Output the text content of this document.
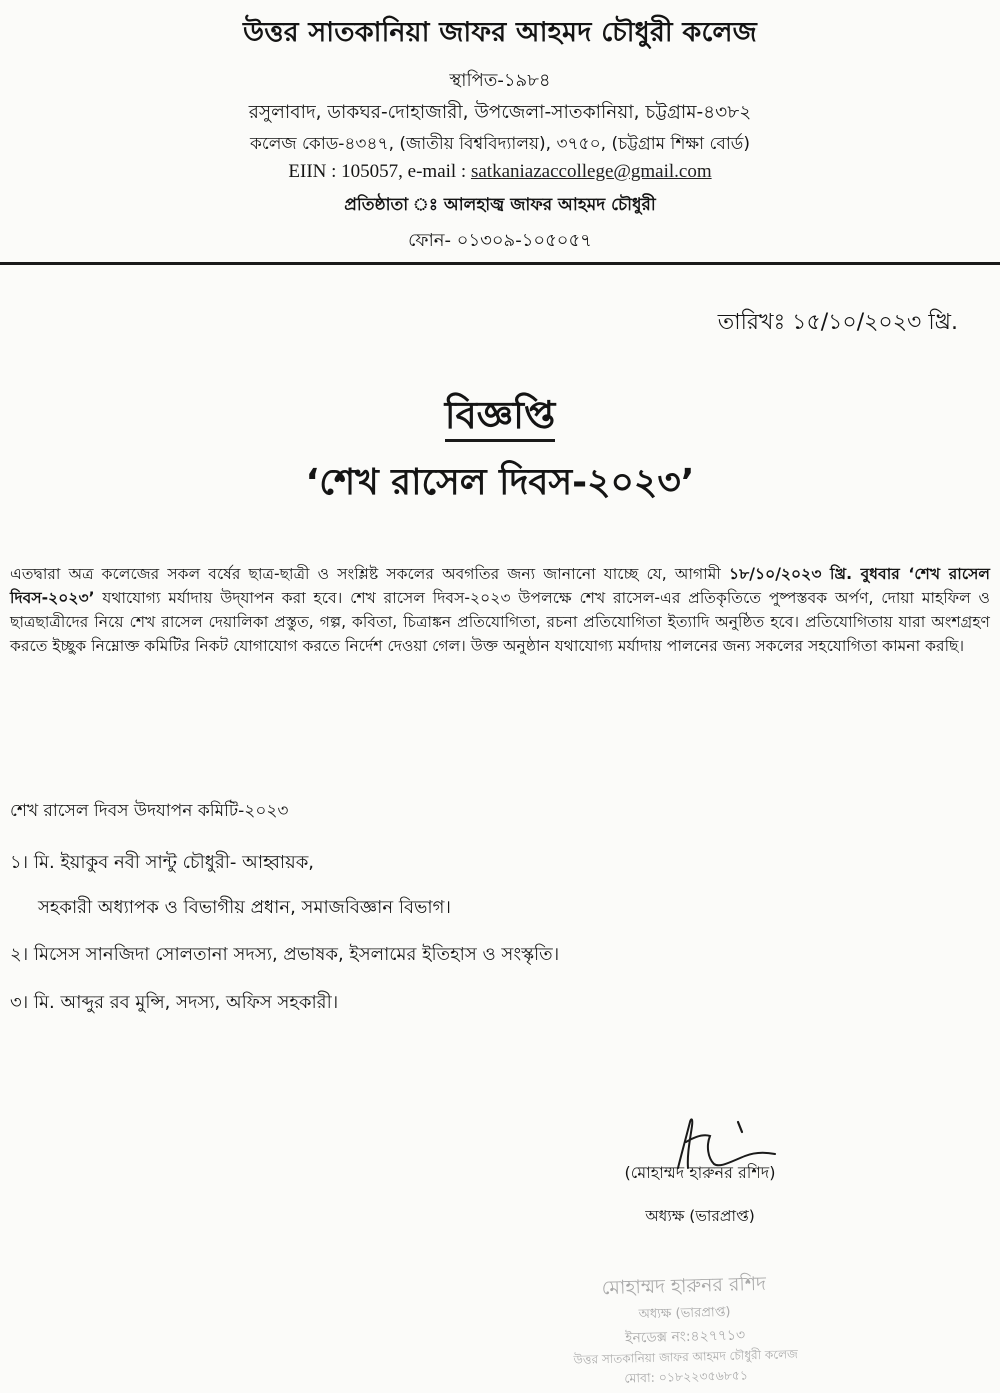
উত্তর সাতকানিয়া জাফর আহমদ চৌধুরী কলেজ
স্থাপিত-১৯৮৪
রসুলাবাদ, ডাকঘর-দোহাজারী, উপজেলা-সাতকানিয়া, চট্টগ্রাম-৪৩৮২
কলেজ কোড-৪৩৪৭, (জাতীয় বিশ্ববিদ্যালয়), ৩৭৫০, (চট্টগ্রাম শিক্ষা বোর্ড)
EIIN : 105057, e-mail : satkaniazaccollege@gmail.com
প্রতিষ্ঠাতা ঃ আলহাজ্ব জাফর আহমদ চৌধুরী
ফোন- ০১৩০৯-১০৫০৫৭
তারিখঃ ১৫/১০/২০২৩ খ্রি.
বিজ্ঞপ্তি
‘শেখ রাসেল দিবস-২০২৩’
এতদ্বারা অত্র কলেজের সকল বর্ষের ছাত্র-ছাত্রী ও সংশ্লিষ্ট সকলের অবগতির জন্য জানানো যাচ্ছে যে, আগামী ১৮/১০/২০২৩ খ্রি. বুধবার ‘শেখ রাসেল দিবস-২০২৩’ যথাযোগ্য মর্যাদায় উদ্‌যাপন করা হবে। শেখ রাসেল দিবস-২০২৩ উপলক্ষে শেখ রাসেল-এর প্রতিকৃতিতে পুষ্পস্তবক অর্পণ, দোয়া মাহফিল ও ছাত্রছাত্রীদের নিয়ে শেখ রাসেল দেয়ালিকা প্রস্তুত, গল্প, কবিতা, চিত্রাঙ্কন প্রতিযোগিতা, রচনা প্রতিযোগিতা ইত্যাদি অনুষ্ঠিত হবে। প্রতিযোগিতায় যারা অংশগ্রহণ করতে ইচ্ছুক নিম্নোক্ত কমিটির নিকট যোগাযোগ করতে নির্দেশ দেওয়া গেল। উক্ত অনুষ্ঠান যথাযোগ্য মর্যাদায় পালনের জন্য সকলের সহযোগিতা কামনা করছি।
শেখ রাসেল দিবস উদযাপন কমিটি-২০২৩
১। মি. ইয়াকুব নবী সান্টু চৌধুরী- আহ্বায়ক,
সহকারী অধ্যাপক ও বিভাগীয় প্রধান, সমাজবিজ্ঞান বিভাগ।
২। মিসেস সানজিদা সোলতানা সদস্য, প্রভাষক, ইসলামের ইতিহাস ও সংস্কৃতি।
৩। মি. আব্দুর রব মুন্সি, সদস্য, অফিস সহকারী।
(মোহাম্মদ হারুনর রশিদ)
অধ্যক্ষ (ভারপ্রাপ্ত)
মোহাম্মদ হারুনর রশিদ
অধ্যক্ষ (ভারপ্রাপ্ত)
ইনডেক্স নং:৪২৭৭১৩
উত্তর সাতকানিয়া জাফর আহমদ চৌধুরী কলেজ
মোবা: ০১৮২২৩৫৬৮৫১
